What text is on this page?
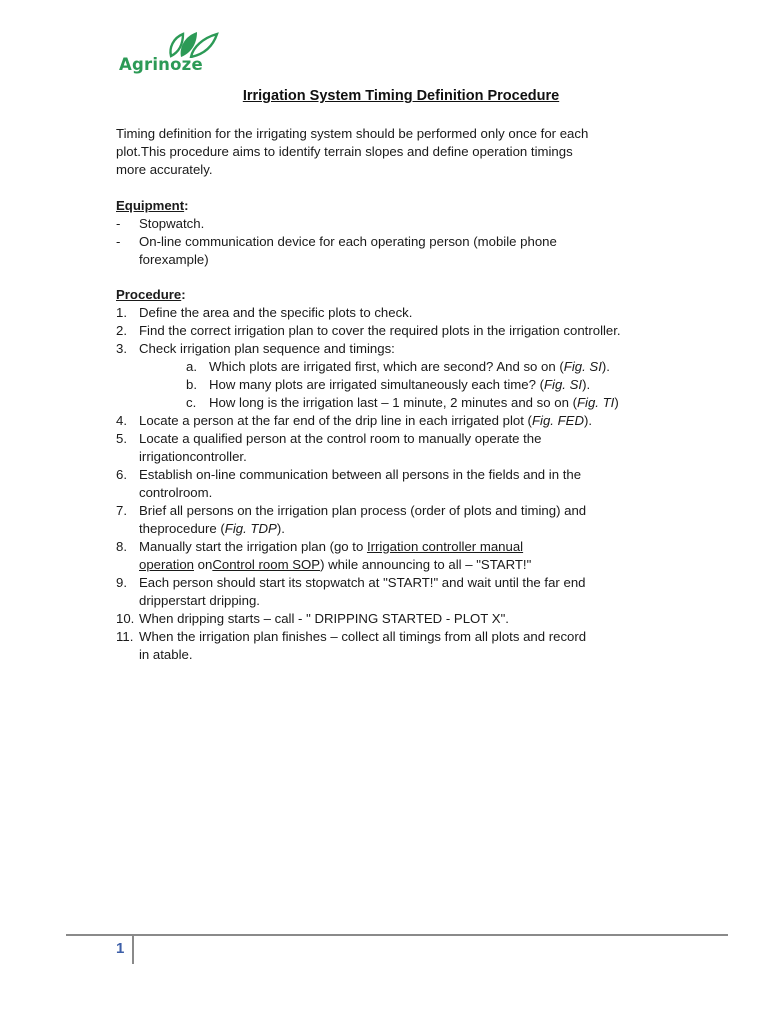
Agrinoze
Irrigation System Timing Definition Procedure
Timing definition for the irrigating system should be performed only once for each
plot.This procedure aims to identify terrain slopes and define operation timings
more accurately.
Equipment:
- Stopwatch.
- On-line communication device for each operating person (mobile phone
forexample)
Procedure:
1. Define the area and the specific plots to check.
2. Find the correct irrigation plan to cover the required plots in the irrigation controller.
3. Check irrigation plan sequence and timings:
a. Which plots are irrigated first, which are second? And so on (Fig. SI).
b. How many plots are irrigated simultaneously each time? (Fig. SI).
c. How long is the irrigation last – 1 minute, 2 minutes and so on (Fig. TI)
4. Locate a person at the far end of the drip line in each irrigated plot (Fig. FED).
5. Locate a qualified person at the control room to manually operate the
irrigationcontroller.
6. Establish on-line communication between all persons in the fields and in the
controlroom.
7. Brief all persons on the irrigation plan process (order of plots and timing) and
theprocedure (Fig. TDP).
8. Manually start the irrigation plan (go to Irrigation controller manual
operation onControl room SOP) while announcing to all – "START!"
9. Each person should start its stopwatch at "START!" and wait until the far end
dripperstart dripping.
10. When dripping starts – call - " DRIPPING STARTED - PLOT X".
11. When the irrigation plan finishes – collect all timings from all plots and record
in atable.
1
